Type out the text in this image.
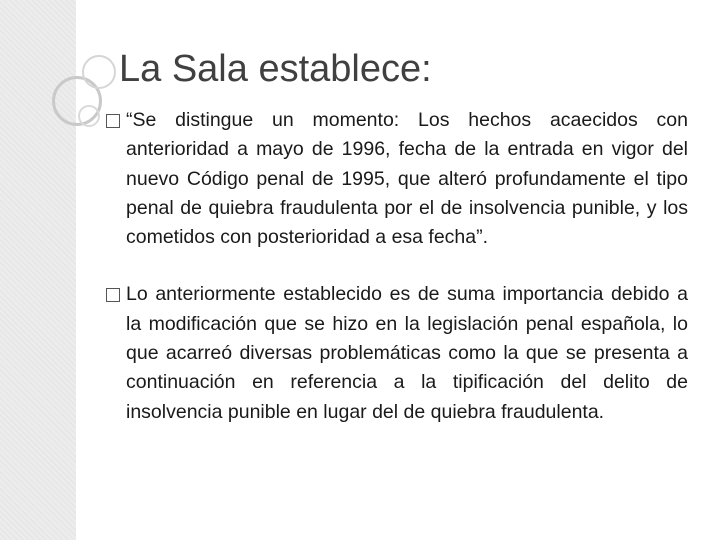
La Sala establece:
“Se distingue un momento: Los hechos acaecidos con anterioridad a mayo de 1996, fecha de la entrada en vigor del nuevo Código penal de 1995, que alteró profundamente el tipo penal de quiebra fraudulenta por el de insolvencia punible, y los cometidos con posterioridad a esa fecha”.
Lo anteriormente establecido es de suma importancia debido a la modificación que se hizo en la legislación penal española, lo que acarreó diversas problemáticas como la que se presenta a continuación en referencia a la tipificación del delito de insolvencia punible en lugar del de quiebra fraudulenta.
